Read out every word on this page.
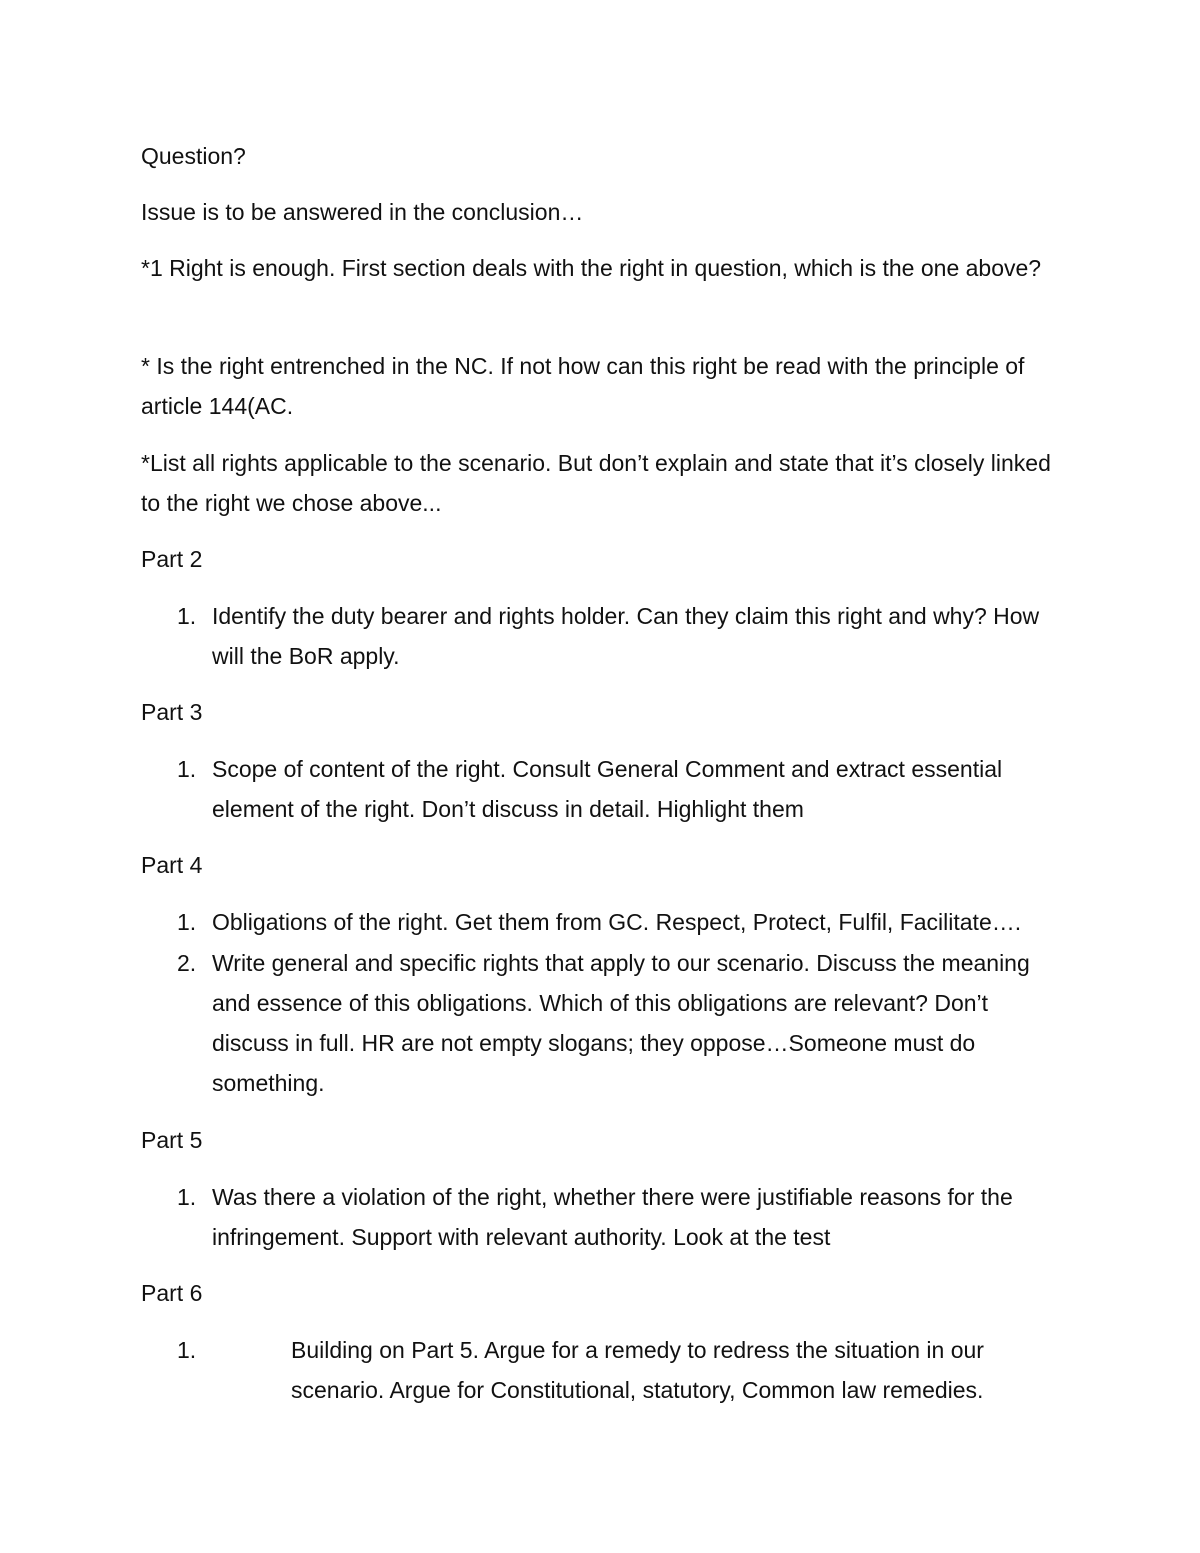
Question?

Issue is to be answered in the conclusion…

*1 Right is enough. First section deals with the right in question, which is the one above?

* Is the right entrenched in the NC. If not how can this right be read with the principle of article 144(AC.

*List all rights applicable to the scenario. But don’t explain and state that it’s closely linked to the right we chose above...

Part 2

1. Identify the duty bearer and rights holder. Can they claim this right and why? How will the BoR apply.

Part 3

1. Scope of content of the right. Consult General Comment and extract essential element of the right. Don’t discuss in detail. Highlight them

Part 4

1. Obligations of the right. Get them from GC. Respect, Protect, Fulfil, Facilitate….
2. Write general and specific rights that apply to our scenario. Discuss the meaning and essence of this obligations. Which of this obligations are relevant? Don’t discuss in full. HR are not empty slogans; they oppose…Someone must do something.

Part 5

1. Was there a violation of the right, whether there were justifiable reasons for the infringement. Support with relevant authority. Look at the test

Part 6

1.	Building on Part 5. Argue for a remedy to redress the situation in our scenario. Argue for Constitutional, statutory, Common law remedies.
